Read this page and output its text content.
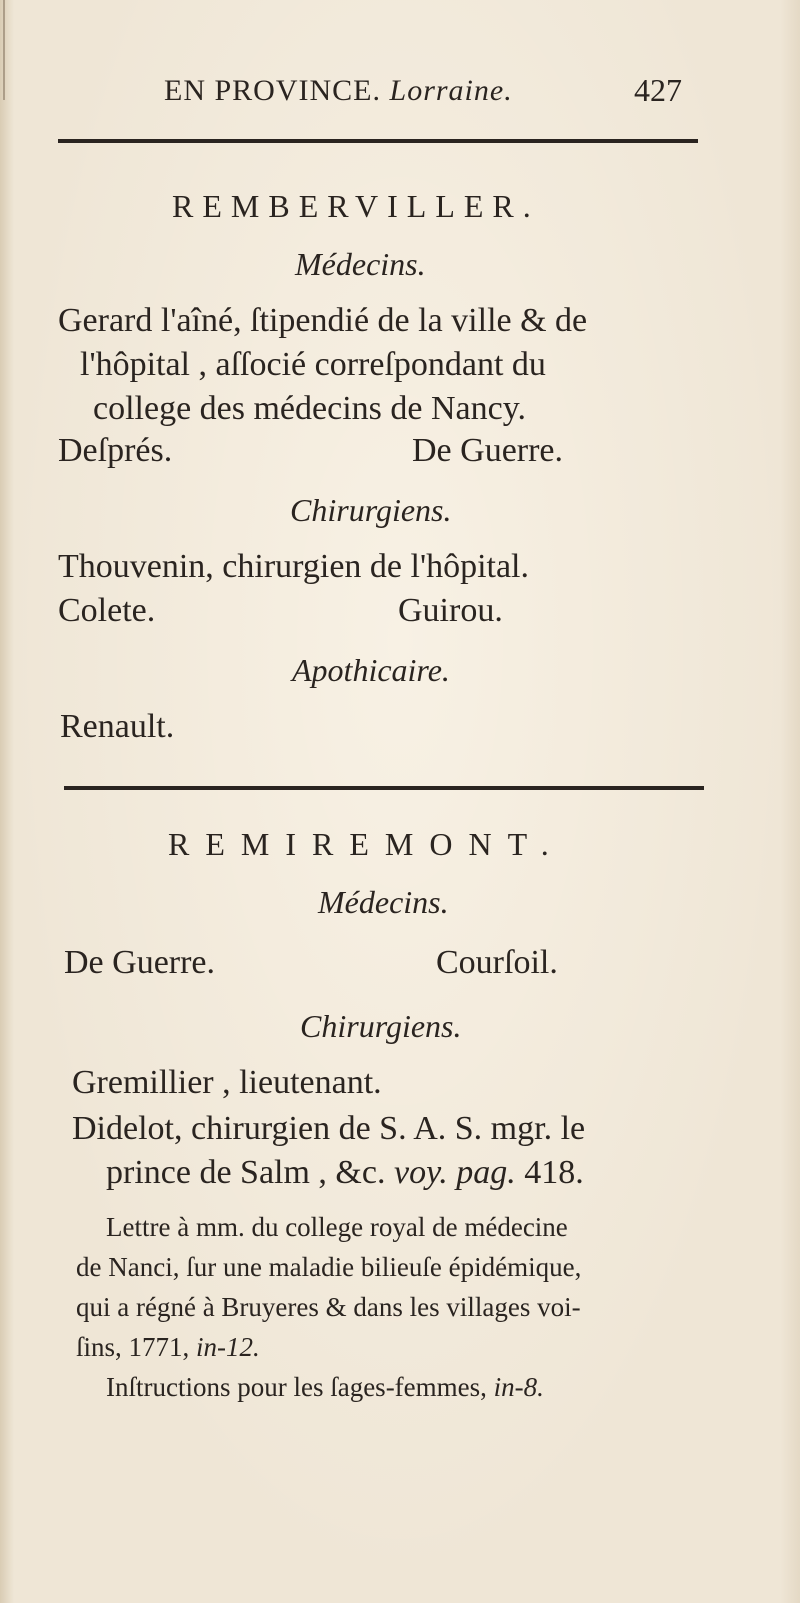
EN PROVINCE. Lorraine.	427
REMBERVILLER.
Médecins.
Gerard l'aîné, ſtipendié de la ville & de
l'hôpital , aſſocié correſpondant du
college des médecins de Nancy.
Deſprés.	De Guerre.
Chirurgiens.
Thouvenin, chirurgien de l'hôpital.
Colete.	Guirou.
Apothicaire.
Renault.
REMIREMONT.
Médecins.
De Guerre.	Courſoil.
Chirurgiens.
Gremillier , lieutenant.
Didelot, chirurgien de S. A. S. mgr. le
prince de Salm , &c. voy. pag. 418.
Lettre à mm. du college royal de médecine
de Nanci, ſur une maladie bilieuſe épidémique,
qui a régné à Bruyeres & dans les villages voi-
ſins, 1771, in-12.
Inſtructions pour les ſages-femmes, in-8.
